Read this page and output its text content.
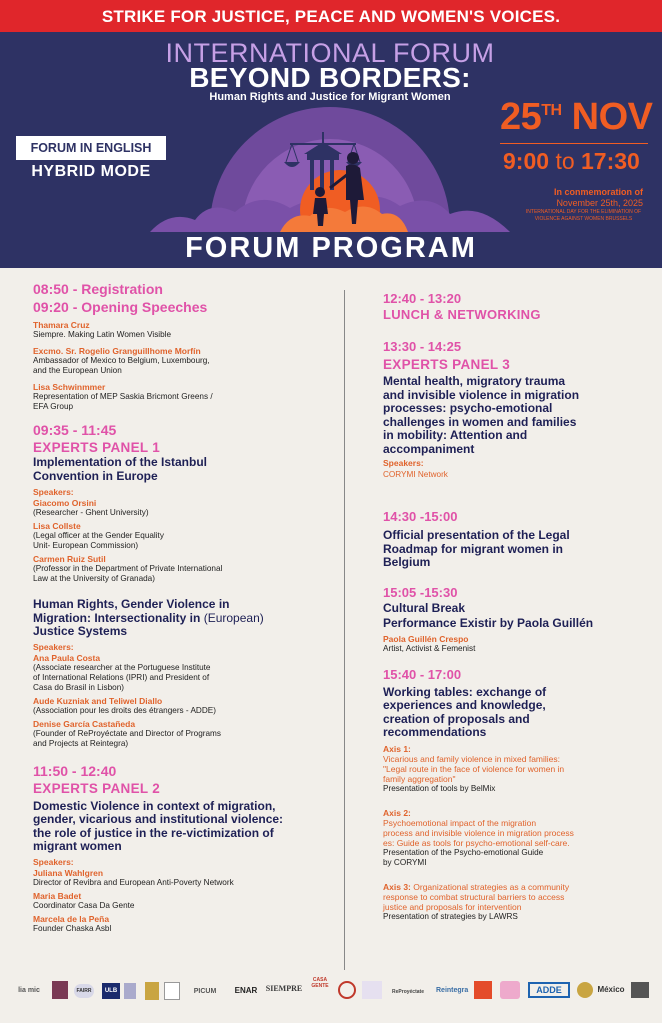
STRIKE FOR JUSTICE, PEACE AND WOMEN'S VOICES.
INTERNATIONAL FORUM
BEYOND BORDERS:
Human Rights and Justice for Migrant Women
FORUM IN ENGLISH
HYBRID MODE
25TH NOV
9:00 to 17:30
In conmemoration of
November 25th, 2025
INTERNATIONAL DAY FOR THE ELIMINATION OF VIOLENCE AGAINST WOMEN BRUSSELS
FORUM PROGRAM
08:50 - Registration
09:20 - Opening Speeches
Thamara Cruz
Siempre. Making Latin Women Visible
Excmo. Sr. Rogelio Granguillhome Morfín
Ambassador of Mexico to Belgium, Luxembourg,
and the European Union
Lisa Schwinmmer
Representation of MEP Saskia Bricmont Greens /
EFA Group
09:35 - 11:45
EXPERTS PANEL 1
Implementation of the Istanbul
Convention in Europe
Speakers:
Giacomo Orsini
(Researcher - Ghent University)
Lisa Collste
(Legal officer at the Gender Equality
Unit- European Commission)
Carmen Ruiz Sutil
(Professor in the Department of Private International
Law at the University of Granada)
Human Rights, Gender Violence in
Migration: Intersectionality in (European)
Justice Systems
Speakers:
Ana Paula Costa
(Associate researcher at the Portuguese Institute
of International Relations (IPRI) and President of
Casa do Brasil in Lisbon)
Aude Kuzniak and Teliwel Diallo
(Association pour les droits des étrangers - ADDE)
Denise García Castañeda
(Founder of ReProyéctate and Director of Programs
and Projects at Reintegra)
11:50 - 12:40
EXPERTS PANEL 2
Domestic Violence in context of migration,
gender, vicarious and institutional violence:
the role of justice in the re-victimization of
migrant women
Speakers:
Juliana Wahlgren
Director of Revibra and European Anti-Poverty Network
Maria Badet
Coordinator Casa Da Gente
Marcela de la Peña
Founder Chaska Asbl
12:40 - 13:20
LUNCH & NETWORKING
13:30 - 14:25
EXPERTS PANEL 3
Mental health, migratory trauma
and invisible violence in migration
processes: psycho-emotional
challenges in women and families
in mobility: Attention and
accompaniment
Speakers:
CORYMI Network
14:30 -15:00
Official presentation of the Legal
Roadmap for migrant women in
Belgium
15:05 -15:30
Cultural Break
Performance Existir by Paola Guillén
Paola Guillén Crespo
Artist, Activist & Femenist
15:40 - 17:00
Working tables: exchange of
experiences and knowledge,
creation of proposals and
recommendations
Axis 1:
Vicarious and family violence in mixed families:
"Legal route in the face of violence for women in
family aggregation"
Presentation of tools by BelMix
Axis 2:
Psychoemotional impact of the migration
process and invisible violence in migration process
es: Guide as tools for psycho-emotional self-care.
Presentation of the Psycho-emotional Guide
by CORYMI
Axis 3: Organizational strategies as a community
response to combat structural barriers to access
justice and proposals for intervention
Presentation of strategies by LAWRS
lia mic	FAIRR	ULB	PICUM	ENAR	SIEMPRE
CASA GENTE
ReProyéctate	Reintegra	ADDE	México
